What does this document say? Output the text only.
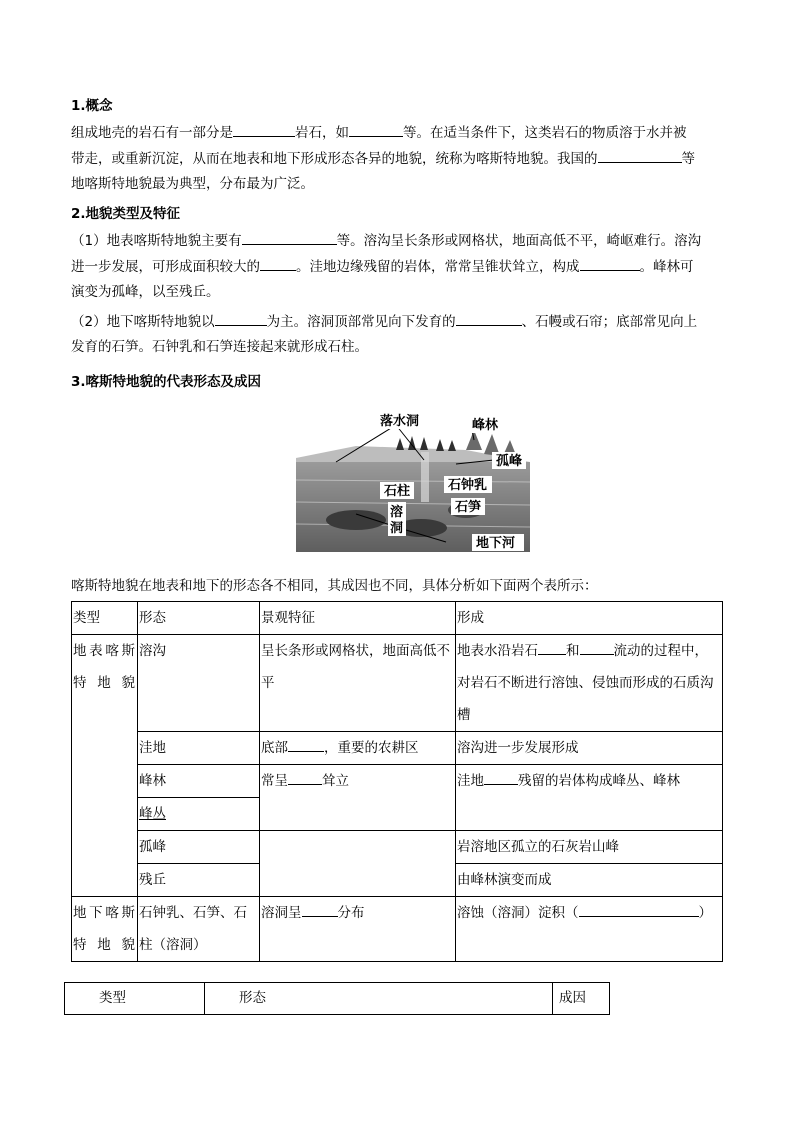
1.概念
组成地壳的岩石有一部分是	岩石，如	等。在适当条件下，这类岩石的物质溶于水并被
带走，或重新沉淀，从而在地表和地下形成形态各异的地貌，统称为喀斯特地貌。我国的	等
地喀斯特地貌最为典型，分布最为广泛。
2.地貌类型及特征
（1）地表喀斯特地貌主要有	等。溶沟呈长条形或网格状，地面高低不平，崎岖难行。溶沟
进一步发展，可形成面积较大的	。洼地边缘残留的岩体，常常呈锥状耸立，构成	。峰林可
演变为孤峰，以至残丘。
（2）地下喀斯特地貌以	为主。溶洞顶部常见向下发育的	、石幔或石帘；底部常见向上
发育的石笋。石钟乳和石笋连接起来就形成石柱。
3.喀斯特地貌的代表形态及成因
落水洞	峰林
孤峰
石柱	石钟乳
石笋
溶洞
地下河
喀斯特地貌在地表和地下的形态各不相同，其成因也不同，具体分析如下面两个表所示：
类型	形态	景观特征	形成

地表喀斯特地貌	溶沟	呈长条形或网格状，地面高低不平	地表水沿岩石 和 流动的过程中，对岩石不断进行溶蚀、侵蚀而形成的石质沟槽
	洼地	底部 ，重要的农耕区	溶沟进一步发展形成
	峰林	常呈 耸立	洼地 残留的岩体构成峰丛、峰林
	峰丛		
	孤峰		岩溶地区孤立的石灰岩山峰
	残丘		由峰林演变而成

地下喀斯特地貌	石钟乳、石笋、石柱（溶洞）	溶洞呈 分布	溶蚀（溶洞）淀积（ ）
类型	形态	成因
